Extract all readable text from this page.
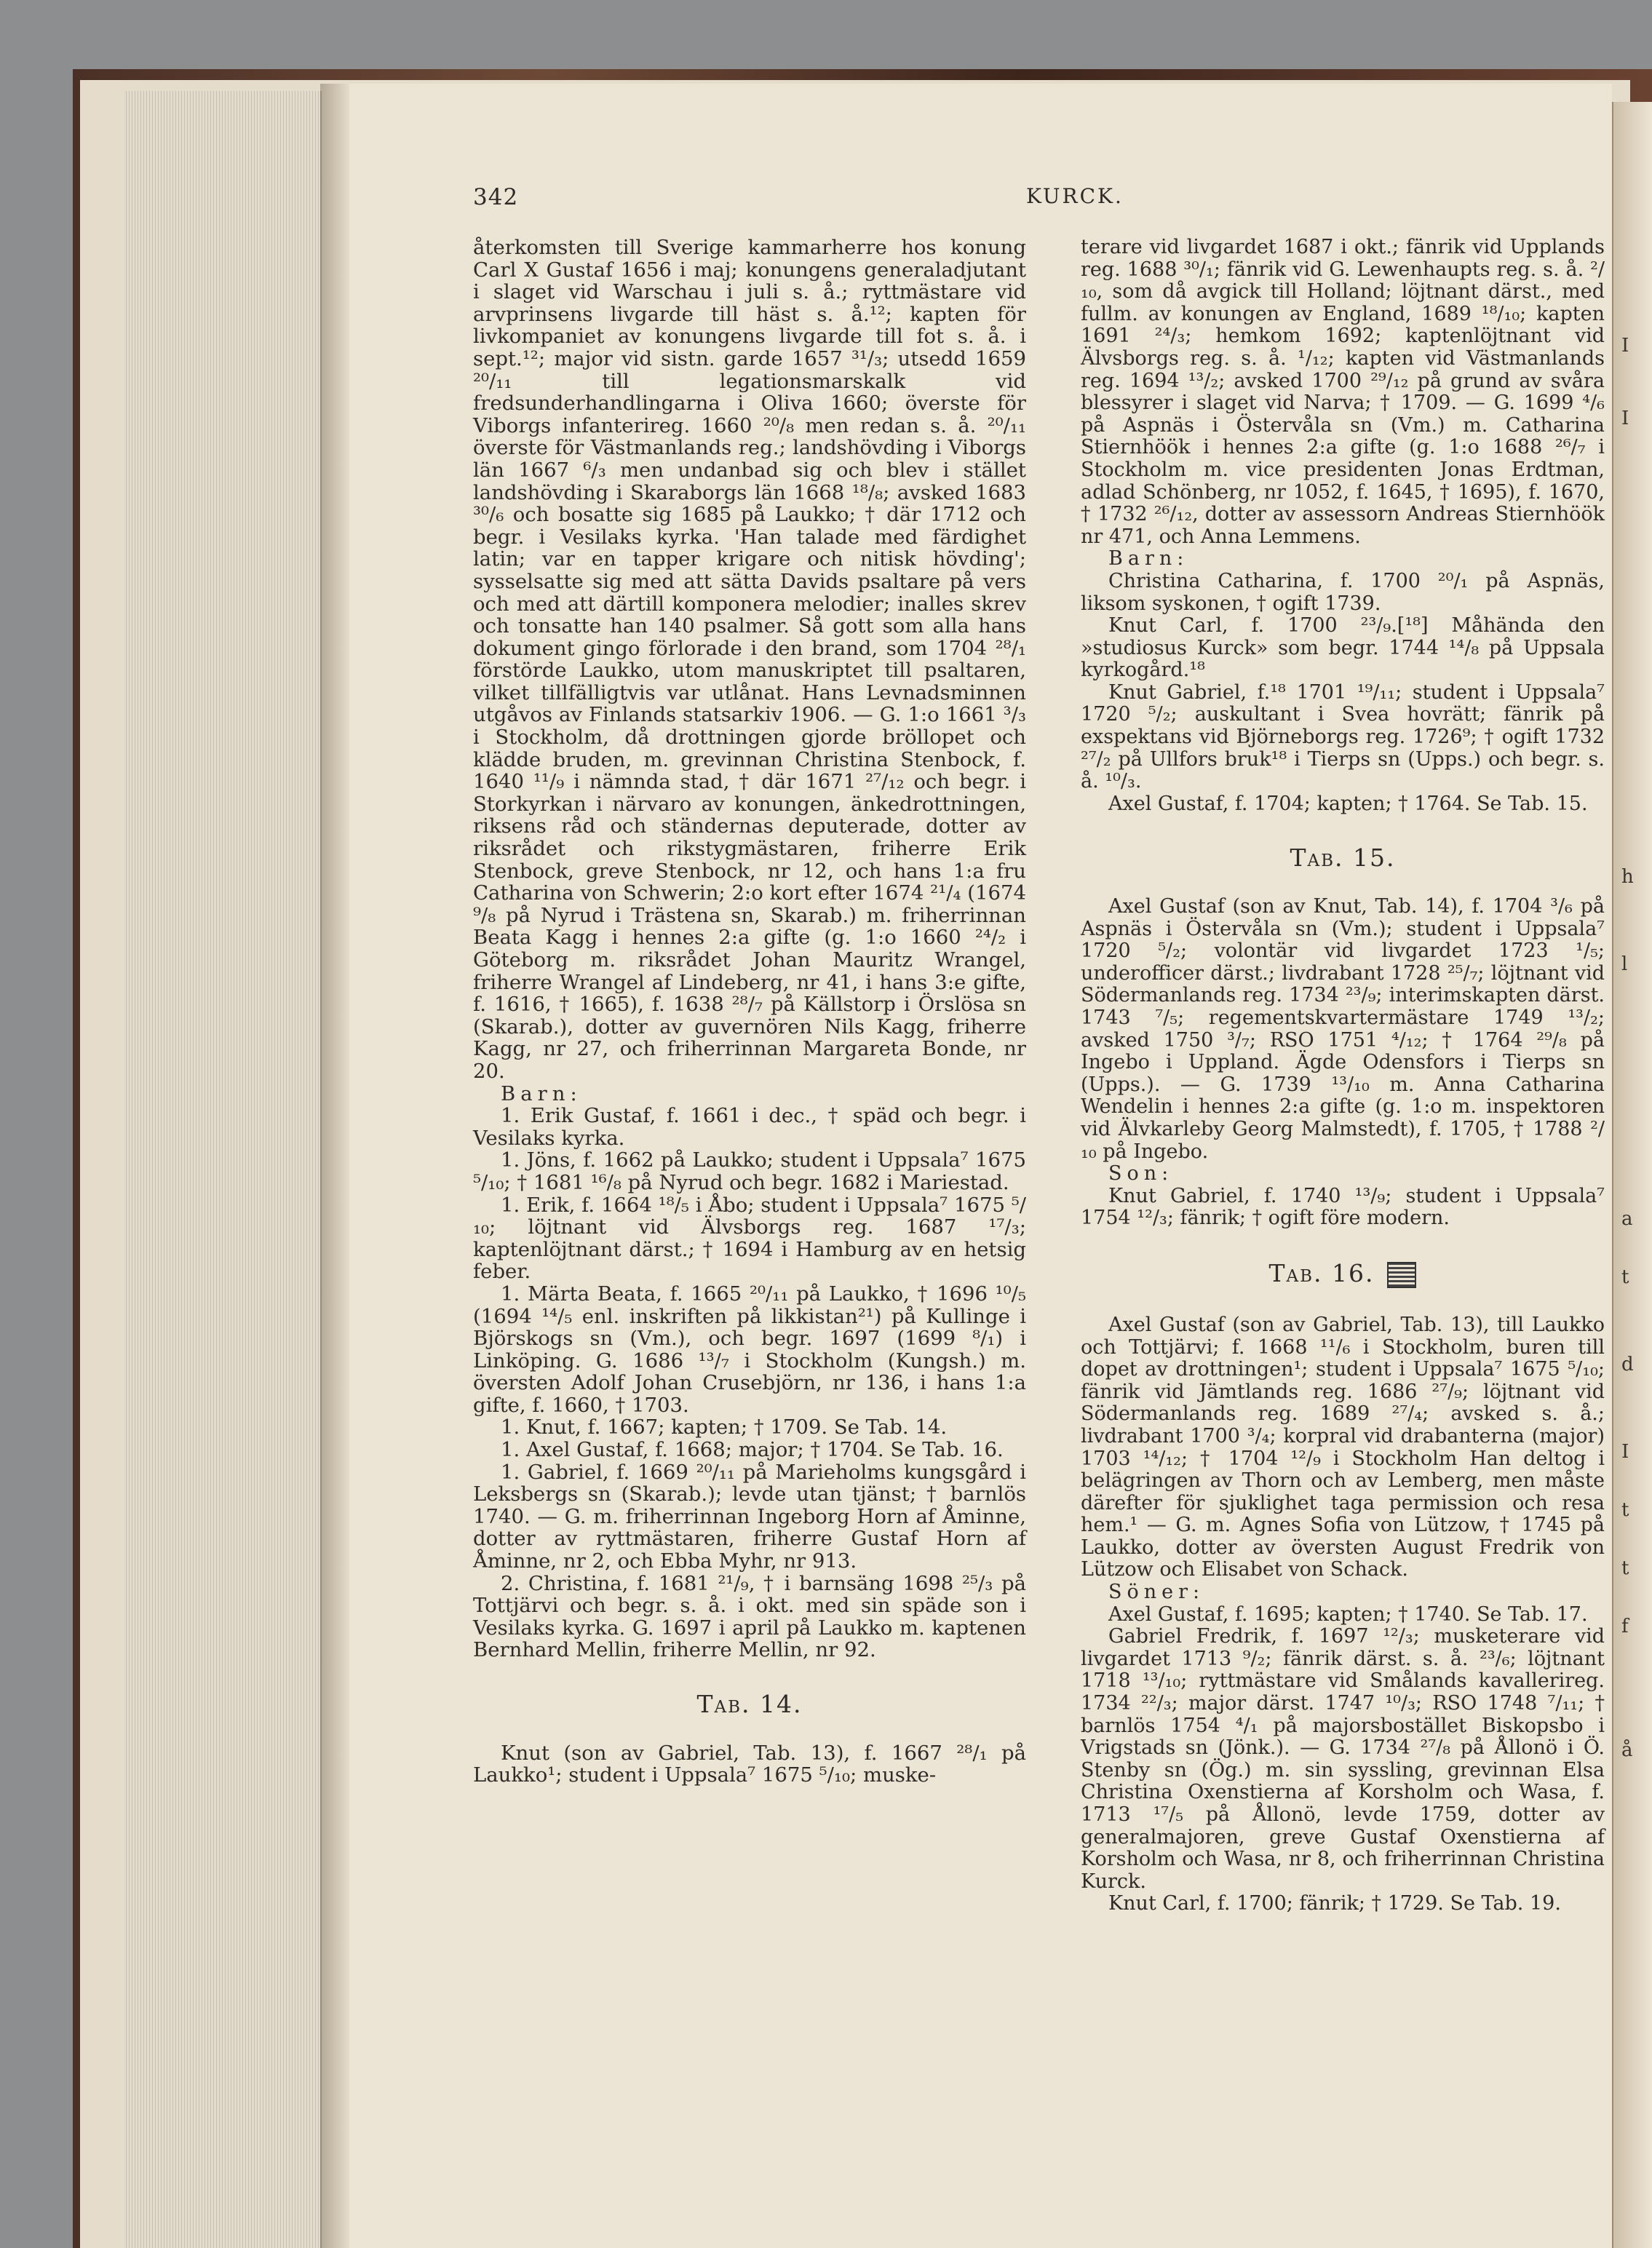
342	KURCK.

återkomsten till Sverige kammarherre hos konung Carl X Gustaf 1656 i maj; konungens generaladjutant i slaget vid Warschau i juli s. å.; ryttmästare vid arvprinsens livgarde till häst s. å.¹²; kapten för livkompaniet av konungens livgarde till fot s. å. i sept.¹²; major vid sistn. garde 1657 ³¹/₃; utsedd 1659 ²⁰/₁₁ till legationsmarskalk vid fredsunderhandlingarna i Oliva 1660; överste för Viborgs infanterireg. 1660 ²⁰/₈ men redan s. å. ²⁰/₁₁ överste för Västmanlands reg.; landshövding i Viborgs län 1667 ⁶/₃ men undanbad sig och blev i stället landshövding i Skaraborgs län 1668 ¹⁸/₈; avsked 1683 ³⁰/₆ och bosatte sig 1685 på Laukko; † där 1712 och begr. i Vesilaks kyrka. 'Han talade med färdighet latin; var en tapper krigare och nitisk hövding'; sysselsatte sig med att sätta Davids psaltare på vers och med att därtill komponera melodier; inalles skrev och tonsatte han 140 psalmer. Så gott som alla hans dokument gingo förlorade i den brand, som 1704 ²⁸/₁ förstörde Laukko, utom manuskriptet till psaltaren, vilket tillfälligtvis var utlånat. Hans Levnadsminnen utgåvos av Finlands statsarkiv 1906. — G. 1:o 1661 ³/₃ i Stockholm, då drottningen gjorde bröllopet och klädde bruden, m. grevinnan Christina Stenbock, f. 1640 ¹¹/₉ i nämnda stad, † där 1671 ²⁷/₁₂ och begr. i Storkyrkan i närvaro av konungen, änkedrottningen, riksens råd och ständernas deputerade, dotter av riksrådet och rikstygmästaren, friherre Erik Stenbock, greve Stenbock, nr 12, och hans 1:a fru Catharina von Schwerin; 2:o kort efter 1674 ²¹/₄ (1674 ⁹/₈ på Nyrud i Trästena sn, Skarab.) m. friherrinnan Beata Kagg i hennes 2:a gifte (g. 1:o 1660 ²⁴/₂ i Göteborg m. riksrådet Johan Mauritz Wrangel, friherre Wrangel af Lindeberg, nr 41, i hans 3:e gifte, f. 1616, † 1665), f. 1638 ²⁸/₇ på Källstorp i Örslösa sn (Skarab.), dotter av guvernören Nils Kagg, friherre Kagg, nr 27, och friherrinnan Margareta Bonde, nr 20.

Barn:

1. Erik Gustaf, f. 1661 i dec., † späd och begr. i Vesilaks kyrka.

1. Jöns, f. 1662 på Laukko; student i Uppsala⁷ 1675 ⁵/₁₀; † 1681 ¹⁶/₈ på Nyrud och begr. 1682 i Mariestad.

1. Erik, f. 1664 ¹⁸/₅ i Åbo; student i Uppsala⁷ 1675 ⁵/₁₀; löjtnant vid Älvsborgs reg. 1687 ¹⁷/₃; kaptenlöjtnant därst.; † 1694 i Hamburg av en hetsig feber.

1. Märta Beata, f. 1665 ²⁰/₁₁ på Laukko, † 1696 ¹⁰/₅ (1694 ¹⁴/₅ enl. inskriften på likkistan²¹) på Kullinge i Björskogs sn (Vm.), och begr. 1697 (1699 ⁸/₁) i Linköping. G. 1686 ¹³/₇ i Stockholm (Kungsh.) m. översten Adolf Johan Crusebjörn, nr 136, i hans 1:a gifte, f. 1660, † 1703.

1. Knut, f. 1667; kapten; † 1709. Se Tab. 14.

1. Axel Gustaf, f. 1668; major; † 1704. Se Tab. 16.

1. Gabriel, f. 1669 ²⁰/₁₁ på Marieholms kungsgård i Leksbergs sn (Skarab.); levde utan tjänst; † barnlös 1740. — G. m. friherrinnan Ingeborg Horn af Åminne, dotter av ryttmästaren, friherre Gustaf Horn af Åminne, nr 2, och Ebba Myhr, nr 913.

2. Christina, f. 1681 ²¹/₉, † i barnsäng 1698 ²⁵/₃ på Tottjärvi och begr. s. å. i okt. med sin späde son i Vesilaks kyrka. G. 1697 i april på Laukko m. kaptenen Bernhard Mellin, friherre Mellin, nr 92.

Tab. 14.

Knut (son av Gabriel, Tab. 13), f. 1667 ²⁸/₁ på Laukko¹; student i Uppsala⁷ 1675 ⁵/₁₀; muske-

terare vid livgardet 1687 i okt.; fänrik vid Upplands reg. 1688 ³⁰/₁; fänrik vid G. Lewenhaupts reg. s. å. ²/₁₀, som då avgick till Holland; löjtnant därst., med fullm. av konungen av England, 1689 ¹⁸/₁₀; kapten 1691 ²⁴/₃; hemkom 1692; kaptenlöjtnant vid Älvsborgs reg. s. å. ¹/₁₂; kapten vid Västmanlands reg. 1694 ¹³/₂; avsked 1700 ²⁹/₁₂ på grund av svåra blessyrer i slaget vid Narva; † 1709. — G. 1699 ⁴/₆ på Aspnäs i Östervåla sn (Vm.) m. Catharina Stiernhöök i hennes 2:a gifte (g. 1:o 1688 ²⁶/₇ i Stockholm m. vice presidenten Jonas Erdtman, adlad Schönberg, nr 1052, f. 1645, † 1695), f. 1670, † 1732 ²⁶/₁₂, dotter av assessorn Andreas Stiernhöök nr 471, och Anna Lemmens.

Barn:

Christina Catharina, f. 1700 ²⁰/₁ på Aspnäs, liksom syskonen, † ogift 1739.

Knut Carl, f. 1700 ²³/₉.[¹⁸] Måhända den »studiosus Kurck» som begr. 1744 ¹⁴/₈ på Uppsala kyrkogård.¹⁸

Knut Gabriel, f.¹⁸ 1701 ¹⁹/₁₁; student i Uppsala⁷ 1720 ⁵/₂; auskultant i Svea hovrätt; fänrik på exspektans vid Björneborgs reg. 1726⁹; † ogift 1732 ²⁷/₂ på Ullfors bruk¹⁸ i Tierps sn (Upps.) och begr. s. å. ¹⁰/₃.

Axel Gustaf, f. 1704; kapten; † 1764. Se Tab. 15.

Tab. 15.

Axel Gustaf (son av Knut, Tab. 14), f. 1704 ³/₆ på Aspnäs i Östervåla sn (Vm.); student i Uppsala⁷ 1720 ⁵/₂; volontär vid livgardet 1723 ¹/₅; underofficer därst.; livdrabant 1728 ²⁵/₇; löjtnant vid Södermanlands reg. 1734 ²³/₉; interimskapten därst. 1743 ⁷/₅; regementskvartermästare 1749 ¹³/₂; avsked 1750 ³/₇; RSO 1751 ⁴/₁₂; † 1764 ²⁹/₈ på Ingebo i Uppland. Ägde Odensfors i Tierps sn (Upps.). — G. 1739 ¹³/₁₀ m. Anna Catharina Wendelin i hennes 2:a gifte (g. 1:o m. inspektoren vid Älvkarleby Georg Malmstedt), f. 1705, † 1788 ²/₁₀ på Ingebo.

Son:

Knut Gabriel, f. 1740 ¹³/₉; student i Uppsala⁷ 1754 ¹²/₃; fänrik; † ogift före modern.

Tab. 16.

Axel Gustaf (son av Gabriel, Tab. 13), till Laukko och Tottjärvi; f. 1668 ¹¹/₆ i Stockholm, buren till dopet av drottningen¹; student i Uppsala⁷ 1675 ⁵/₁₀; fänrik vid Jämtlands reg. 1686 ²⁷/₉; löjtnant vid Södermanlands reg. 1689 ²⁷/₄; avsked s. å.; livdrabant 1700 ³/₄; korpral vid drabanterna (major) 1703 ¹⁴/₁₂; † 1704 ¹²/₉ i Stockholm Han deltog i belägringen av Thorn och av Lemberg, men måste därefter för sjuklighet taga permission och resa hem.¹ — G. m. Agnes Sofia von Lützow, † 1745 på Laukko, dotter av översten August Fredrik von Lützow och Elisabet von Schack.

Söner:

Axel Gustaf, f. 1695; kapten; † 1740. Se Tab. 17.

Gabriel Fredrik, f. 1697 ¹²/₃; musketerare vid livgardet 1713 ⁹/₂; fänrik därst. s. å. ²³/₆; löjtnant 1718 ¹³/₁₀; ryttmästare vid Smålands kavallerireg. 1734 ²²/₃; major därst. 1747 ¹⁰/₃; RSO 1748 ⁷/₁₁; † barnlös 1754 ⁴/₁ på majorsbostället Biskopsbo i Vrigstads sn (Jönk.). — G. 1734 ²⁷/₈ på Ållonö i Ö. Stenby sn (Ög.) m. sin syssling, grevinnan Elsa Christina Oxenstierna af Korsholm och Wasa, f. 1713 ¹⁷/₅ på Ållonö, levde 1759, dotter av generalmajoren, greve Gustaf Oxenstierna af Korsholm och Wasa, nr 8, och friherrinnan Christina Kurck.

Knut Carl, f. 1700; fänrik; † 1729. Se Tab. 19.

I
I
h
l
a
t
d
I
t
t
f
å
